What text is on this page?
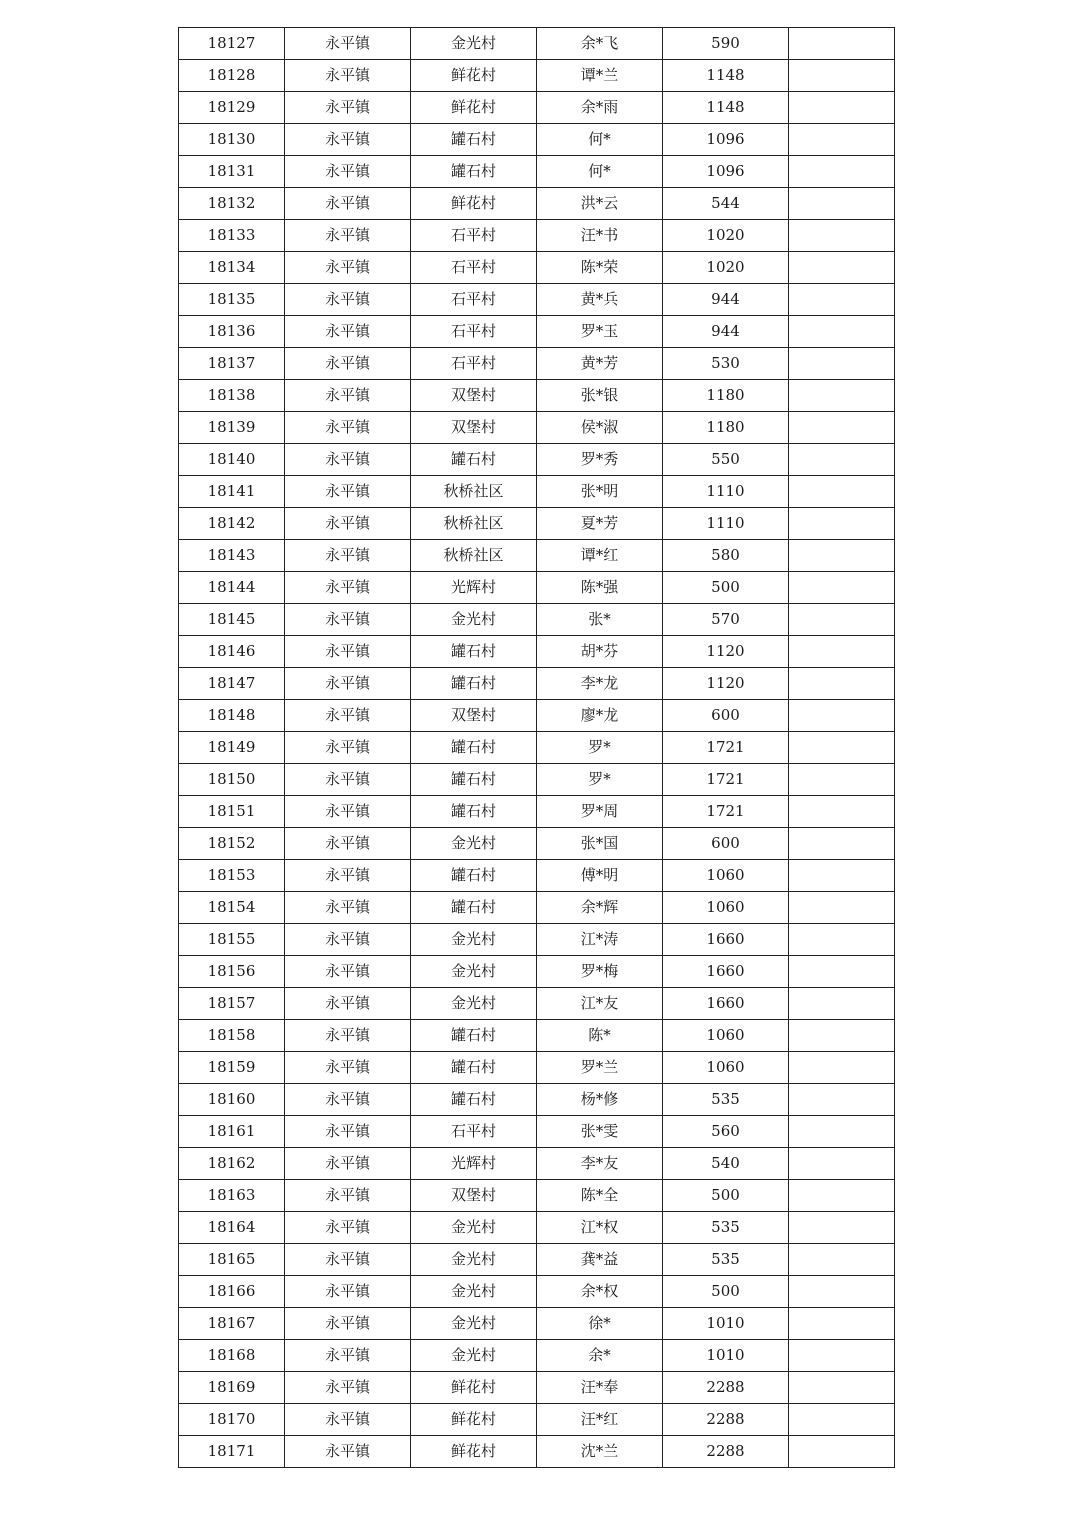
18127	永平镇	金光村	余*飞	590	
18128	永平镇	鲜花村	谭*兰	1148	
18129	永平镇	鲜花村	余*雨	1148	
18130	永平镇	罐石村	何*	1096	
18131	永平镇	罐石村	何*	1096	
18132	永平镇	鲜花村	洪*云	544	
18133	永平镇	石平村	汪*书	1020	
18134	永平镇	石平村	陈*荣	1020	
18135	永平镇	石平村	黄*兵	944	
18136	永平镇	石平村	罗*玉	944	
18137	永平镇	石平村	黄*芳	530	
18138	永平镇	双堡村	张*银	1180	
18139	永平镇	双堡村	侯*淑	1180	
18140	永平镇	罐石村	罗*秀	550	
18141	永平镇	秋桥社区	张*明	1110	
18142	永平镇	秋桥社区	夏*芳	1110	
18143	永平镇	秋桥社区	谭*红	580	
18144	永平镇	光辉村	陈*强	500	
18145	永平镇	金光村	张*	570	
18146	永平镇	罐石村	胡*芬	1120	
18147	永平镇	罐石村	李*龙	1120	
18148	永平镇	双堡村	廖*龙	600	
18149	永平镇	罐石村	罗*	1721	
18150	永平镇	罐石村	罗*	1721	
18151	永平镇	罐石村	罗*周	1721	
18152	永平镇	金光村	张*国	600	
18153	永平镇	罐石村	傅*明	1060	
18154	永平镇	罐石村	余*辉	1060	
18155	永平镇	金光村	江*涛	1660	
18156	永平镇	金光村	罗*梅	1660	
18157	永平镇	金光村	江*友	1660	
18158	永平镇	罐石村	陈*	1060	
18159	永平镇	罐石村	罗*兰	1060	
18160	永平镇	罐石村	杨*修	535	
18161	永平镇	石平村	张*雯	560	
18162	永平镇	光辉村	李*友	540	
18163	永平镇	双堡村	陈*全	500	
18164	永平镇	金光村	江*权	535	
18165	永平镇	金光村	龚*益	535	
18166	永平镇	金光村	余*权	500	
18167	永平镇	金光村	徐*	1010	
18168	永平镇	金光村	余*	1010	
18169	永平镇	鲜花村	汪*奉	2288	
18170	永平镇	鲜花村	汪*红	2288	
18171	永平镇	鲜花村	沈*兰	2288	
